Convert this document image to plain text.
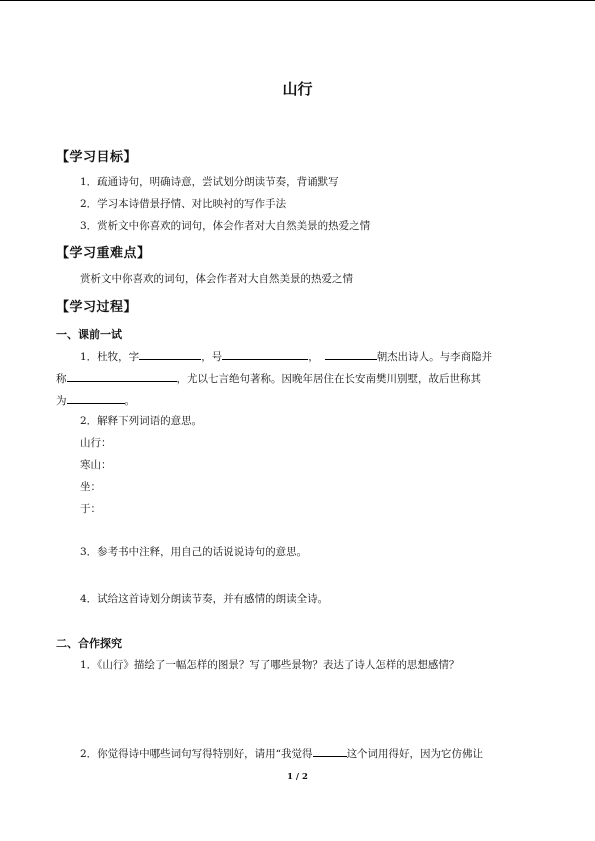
山行
【学习目标】
1．疏通诗句，明确诗意，尝试划分朗读节奏，背诵默写
2．学习本诗借景抒情、对比映衬的写作手法
3．赏析文中你喜欢的词句，体会作者对大自然美景的热爱之情
【学习重难点】
赏析文中你喜欢的词句，体会作者对大自然美景的热爱之情
【学习过程】
一、课前一试
1．杜牧，字	，号	，	朝杰出诗人。与李商隐并
称	，尤以七言绝句著称。因晚年居住在长安南樊川别墅，故后世称其
为	。
2．解释下列词语的意思。
山行：
寒山：
坐：
于：
3．参考书中注释，用自己的话说说诗句的意思。
4．试给这首诗划分朗读节奏，并有感情的朗读全诗。
二、合作探究
1．《山行》描绘了一幅怎样的图景？写了哪些景物？表达了诗人怎样的思想感情？
2．你觉得诗中哪些词句写得特别好，请用“我觉得	这个词用得好，因为它仿佛让
1 / 2
